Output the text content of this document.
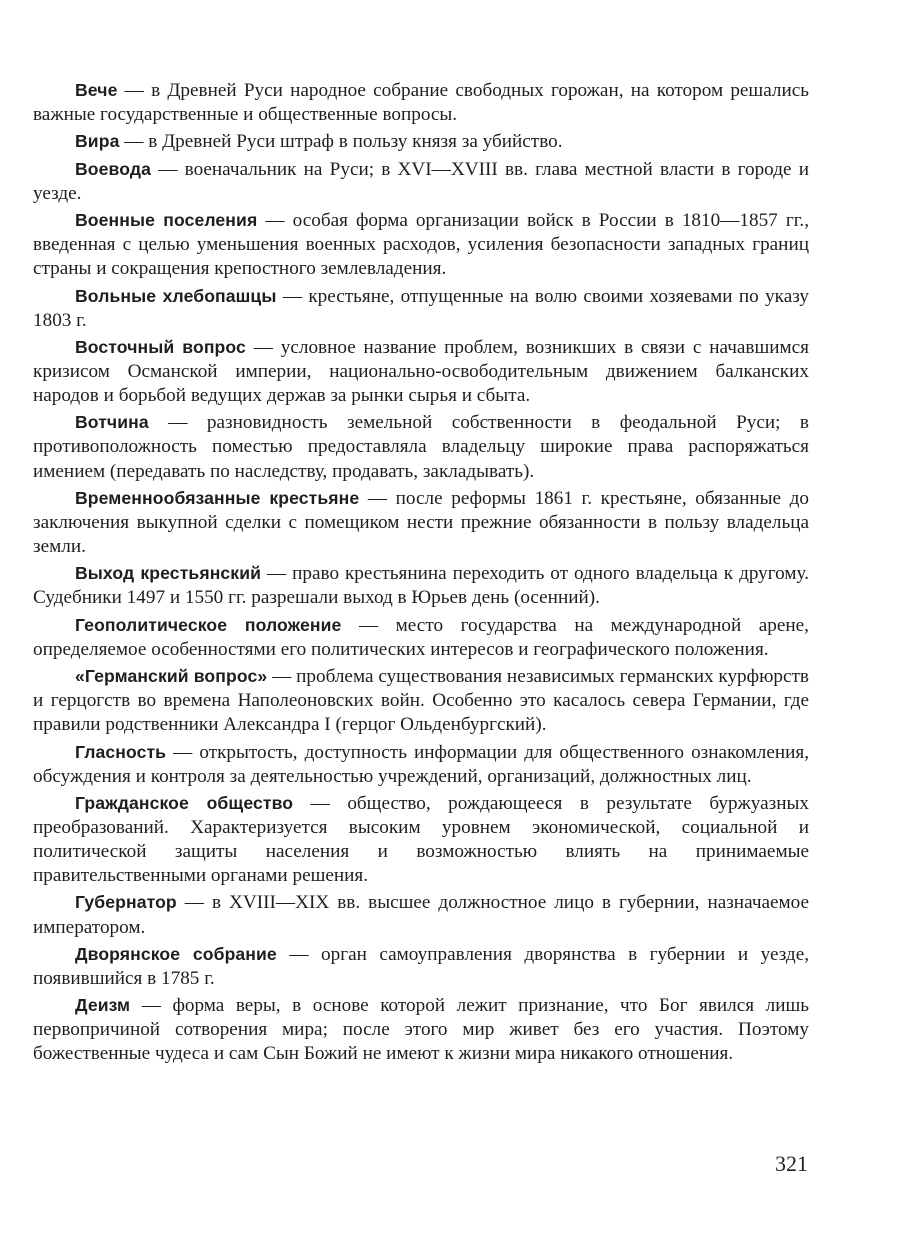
Вече — в Древней Руси народное собрание свободных горожан, на котором решались важные государственные и общественные вопросы.

Вира — в Древней Руси штраф в пользу князя за убийство.

Воевода — военачальник на Руси; в XVI—XVIII вв. глава местной власти в городе и уезде.

Военные поселения — особая форма организации войск в России в 1810—1857 гг., введенная с целью уменьшения военных расходов, усиления безопасности западных границ страны и сокращения крепостного землевладения.

Вольные хлебопашцы — крестьяне, отпущенные на волю своими хозяевами по указу 1803 г.

Восточный вопрос — условное название проблем, возникших в связи с начавшимся кризисом Османской империи, национально-освободительным движением балканских народов и борьбой ведущих держав за рынки сырья и сбыта.

Вотчина — разновидность земельной собственности в феодальной Руси; в противоположность поместью предоставляла владельцу широкие права распоряжаться имением (передавать по наследству, продавать, закладывать).

Временнообязанные крестьяне — после реформы 1861 г. крестьяне, обязанные до заключения выкупной сделки с помещиком нести прежние обязанности в пользу владельца земли.

Выход крестьянский — право крестьянина переходить от одного владельца к другому. Судебники 1497 и 1550 гг. разрешали выход в Юрьев день (осенний).

Геополитическое положение — место государства на международной арене, определяемое особенностями его политических интересов и географического положения.

«Германский вопрос» — проблема существования независимых германских курфюрств и герцогств во времена Наполеоновских войн. Особенно это касалось севера Германии, где правили родственники Александра I (герцог Ольденбургский).

Гласность — открытость, доступность информации для общественного ознакомления, обсуждения и контроля за деятельностью учреждений, организаций, должностных лиц.

Гражданское общество — общество, рождающееся в результате буржуазных преобразований. Характеризуется высоким уровнем экономической, социальной и политической защиты населения и возможностью влиять на принимаемые правительственными органами решения.

Губернатор — в XVIII—XIX вв. высшее должностное лицо в губернии, назначаемое императором.

Дворянское собрание — орган самоуправления дворянства в губернии и уезде, появившийся в 1785 г.

Деизм — форма веры, в основе которой лежит признание, что Бог явился лишь первопричиной сотворения мира; после этого мир живет без его участия. Поэтому божественные чудеса и сам Сын Божий не имеют к жизни мира никакого отношения.

321
